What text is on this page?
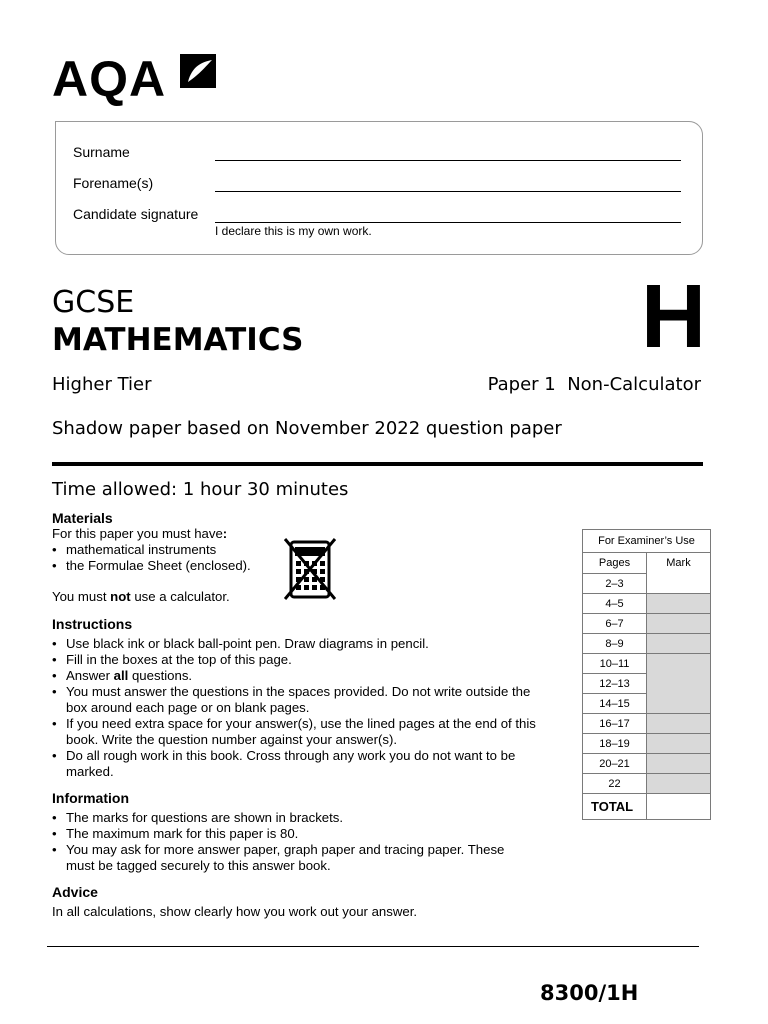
AQA
Surname
Forename(s)
Candidate signature
I declare this is my own work.
GCSE
MATHEMATICS	H
Higher Tier	Paper 1  Non-Calculator
Shadow paper based on November 2022 question paper
Time allowed: 1 hour 30 minutes
Materials
For this paper you must have:
• mathematical instruments
• the Formulae Sheet (enclosed).
You must not use a calculator.
Instructions
• Use black ink or black ball-point pen. Draw diagrams in pencil.
• Fill in the boxes at the top of this page.
• Answer all questions.
• You must answer the questions in the spaces provided. Do not write outside the box around each page or on blank pages.
• If you need extra space for your answer(s), use the lined pages at the end of this book. Write the question number against your answer(s).
• Do all rough work in this book. Cross through any work you do not want to be marked.
Information
• The marks for questions are shown in brackets.
• The maximum mark for this paper is 80.
• You may ask for more answer paper, graph paper and tracing paper. These must be tagged securely to this answer book.
Advice
In all calculations, show clearly how you work out your answer.
For Examiner’s Use	
Pages	Mark
2–3	
4–5	
6–7	
8–9	
10–11	
12–13	
14–15	
16–17	
18–19	
20–21	
22	
TOTAL	
8300/1H
